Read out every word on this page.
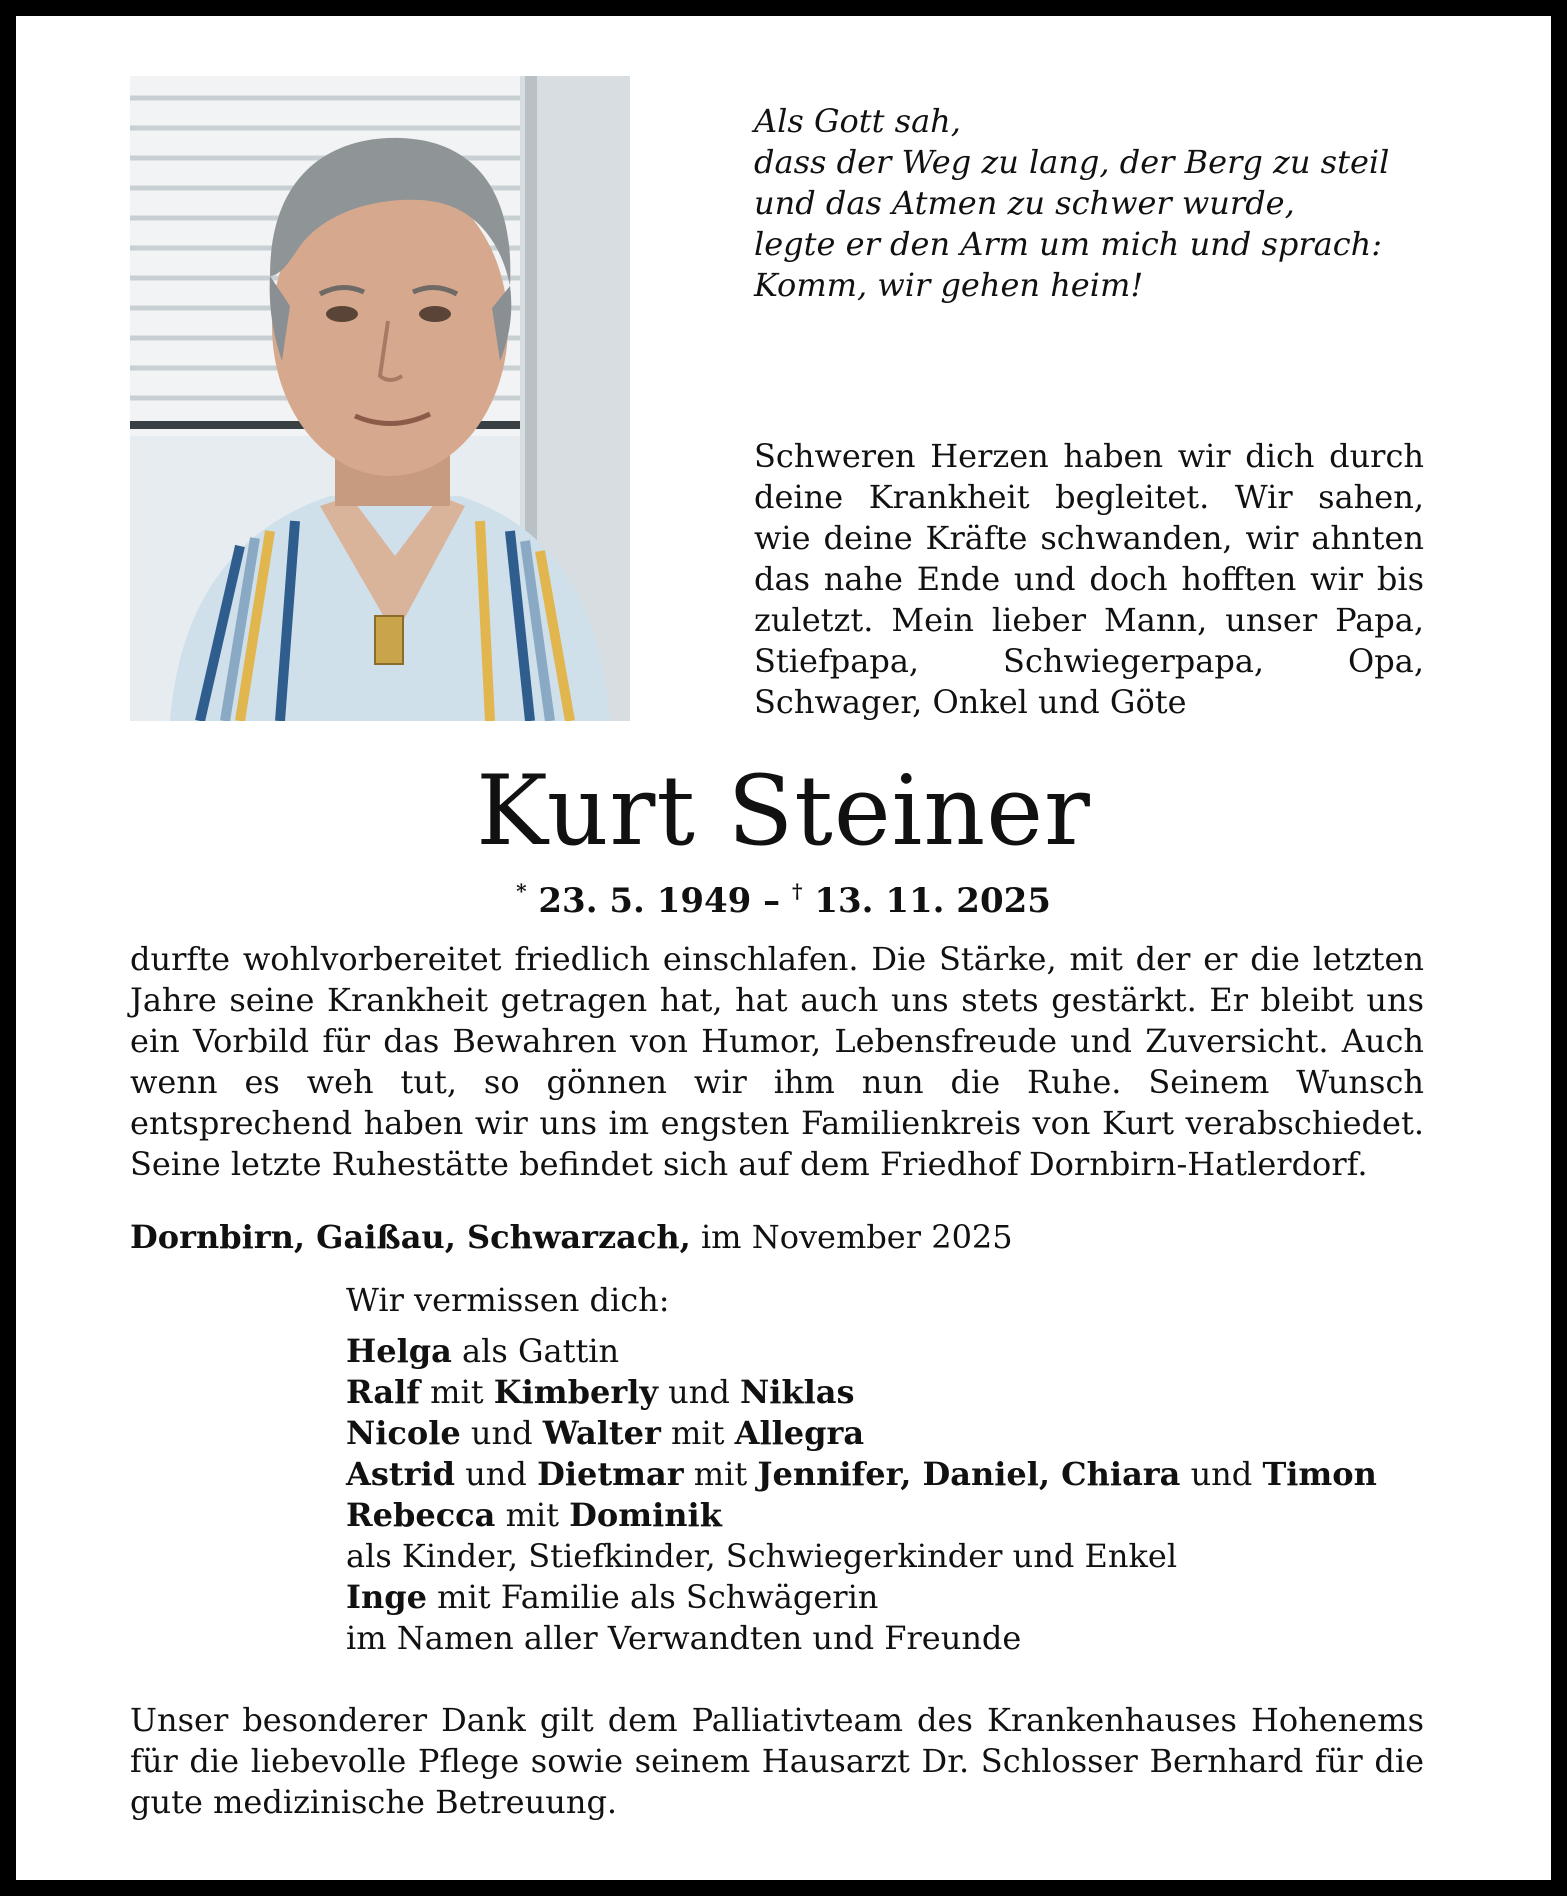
Als Gott sah,
dass der Weg zu lang, der Berg zu steil
und das Atmen zu schwer wurde,
legte er den Arm um mich und sprach:
Komm, wir gehen heim!
Schweren Herzen haben wir dich durch deine Krankheit begleitet. Wir sahen, wie deine Kräfte schwanden, wir ahnten das nahe Ende und doch hofften wir bis zuletzt. Mein lieber Mann, unser Papa, Stiefpapa, Schwiegerpapa, Opa, Schwager, Onkel und Göte
Kurt Steiner
* 23. 5. 1949 – † 13. 11. 2025
durfte wohlvorbereitet friedlich einschlafen. Die Stärke, mit der er die letzten Jahre seine Krankheit getragen hat, hat auch uns stets gestärkt. Er bleibt uns ein Vorbild für das Bewahren von Humor, Lebensfreude und Zuversicht. Auch wenn es weh tut, so gönnen wir ihm nun die Ruhe. Seinem Wunsch entsprechend haben wir uns im engsten Familienkreis von Kurt verabschiedet. Seine letzte Ruhestätte befindet sich auf dem Friedhof Dornbirn-Hatlerdorf.
Dornbirn, Gaißau, Schwarzach, im November 2025
Wir vermissen dich:
Helga als Gattin
Ralf mit Kimberly und Niklas
Nicole und Walter mit Allegra
Astrid und Dietmar mit Jennifer, Daniel, Chiara und Timon
Rebecca mit Dominik
als Kinder, Stiefkinder, Schwiegerkinder und Enkel
Inge mit Familie als Schwägerin
im Namen aller Verwandten und Freunde
Unser besonderer Dank gilt dem Palliativteam des Krankenhauses Hohenems für die liebevolle Pflege sowie seinem Hausarzt Dr. Schlosser Bernhard für die gute medizinische Betreuung.
